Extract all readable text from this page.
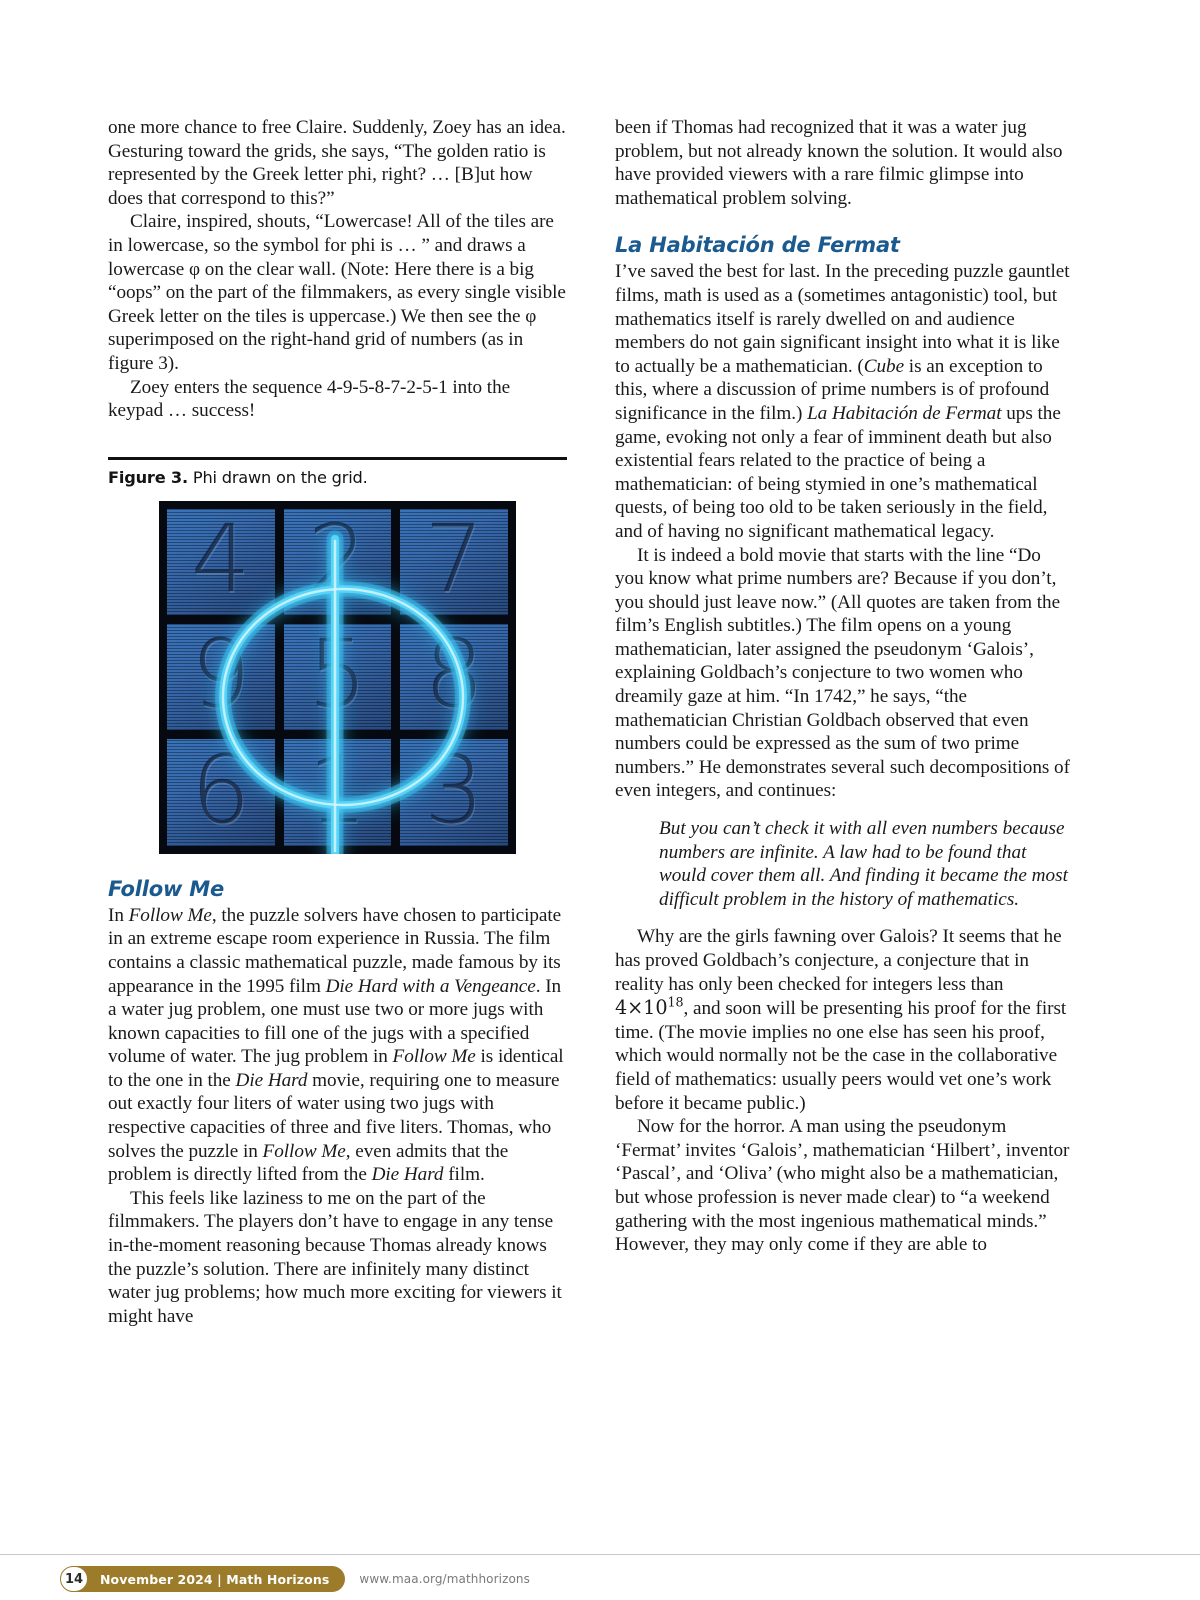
one more chance to free Claire. Suddenly, Zoey has an idea. Gesturing toward the grids, she says, “The golden ratio is represented by the Greek letter phi, right? … [B]ut how does that correspond to this?”

Claire, inspired, shouts, “Lowercase! All of the tiles are in lowercase, so the symbol for phi is … ” and draws a lowercase φ on the clear wall. (Note: Here there is a big “oops” on the part of the filmmakers, as every single visible Greek letter on the tiles is uppercase.) We then see the φ superimposed on the right-hand grid of numbers (as in figure 3).

Zoey enters the sequence 4-9-5-8-7-2-5-1 into the keypad … success!

Figure 3. Phi drawn on the grid.

4 2 7
9 5 8
6 1 3
Follow Me

In Follow Me, the puzzle solvers have chosen to participate in an extreme escape room experience in Russia. The film contains a classic mathematical puzzle, made famous by its appearance in the 1995 film Die Hard with a Vengeance. In a water jug problem, one must use two or more jugs with known capacities to fill one of the jugs with a specified volume of water. The jug problem in Follow Me is identical to the one in the Die Hard movie, requiring one to measure out exactly four liters of water using two jugs with respective capacities of three and five liters. Thomas, who solves the puzzle in Follow Me, even admits that the problem is directly lifted from the Die Hard film.

This feels like laziness to me on the part of the filmmakers. The players don’t have to engage in any tense in-the-moment reasoning because Thomas already knows the puzzle’s solution. There are infinitely many distinct water jug problems; how much more exciting for viewers it might have

been if Thomas had recognized that it was a water jug problem, but not already known the solution. It would also have provided viewers with a rare filmic glimpse into mathematical problem solving.

La Habitación de Fermat

I’ve saved the best for last. In the preceding puzzle gauntlet films, math is used as a (sometimes antagonistic) tool, but mathematics itself is rarely dwelled on and audience members do not gain significant insight into what it is like to actually be a mathematician. (Cube is an exception to this, where a discussion of prime numbers is of profound significance in the film.) La Habitación de Fermat ups the game, evoking not only a fear of imminent death but also existential fears related to the practice of being a mathematician: of being stymied in one’s mathematical quests, of being too old to be taken seriously in the field, and of having no significant mathematical legacy.

It is indeed a bold movie that starts with the line “Do you know what prime numbers are? Because if you don’t, you should just leave now.” (All quotes are taken from the film’s English subtitles.) The film opens on a young mathematician, later assigned the pseudonym ‘Galois’, explaining Goldbach’s conjecture to two women who dreamily gaze at him. “In 1742,” he says, “the mathematician Christian Goldbach observed that even numbers could be expressed as the sum of two prime numbers.” He demonstrates several such decompositions of even integers, and continues:

But you can’t check it with all even numbers because numbers are infinite. A law had to be found that would cover them all. And finding it became the most difficult problem in the history of mathematics.

Why are the girls fawning over Galois? It seems that he has proved Goldbach’s conjecture, a conjecture that in reality has only been checked for integers less than $4\times 10^{18}$, and soon will be presenting his proof for the first time. (The movie implies no one else has seen his proof, which would normally not be the case in the collaborative field of mathematics: usually peers would vet one’s work before it became public.)

Now for the horror. A man using the pseudonym ‘Fermat’ invites ‘Galois’, mathematician ‘Hilbert’, inventor ‘Pascal’, and ‘Oliva’ (who might also be a mathematician, but whose profession is never made clear) to “a weekend gathering with the most ingenious mathematical minds.” However, they may only come if they are able to

14	November 2024 | Math Horizons	www.maa.org/mathhorizons
